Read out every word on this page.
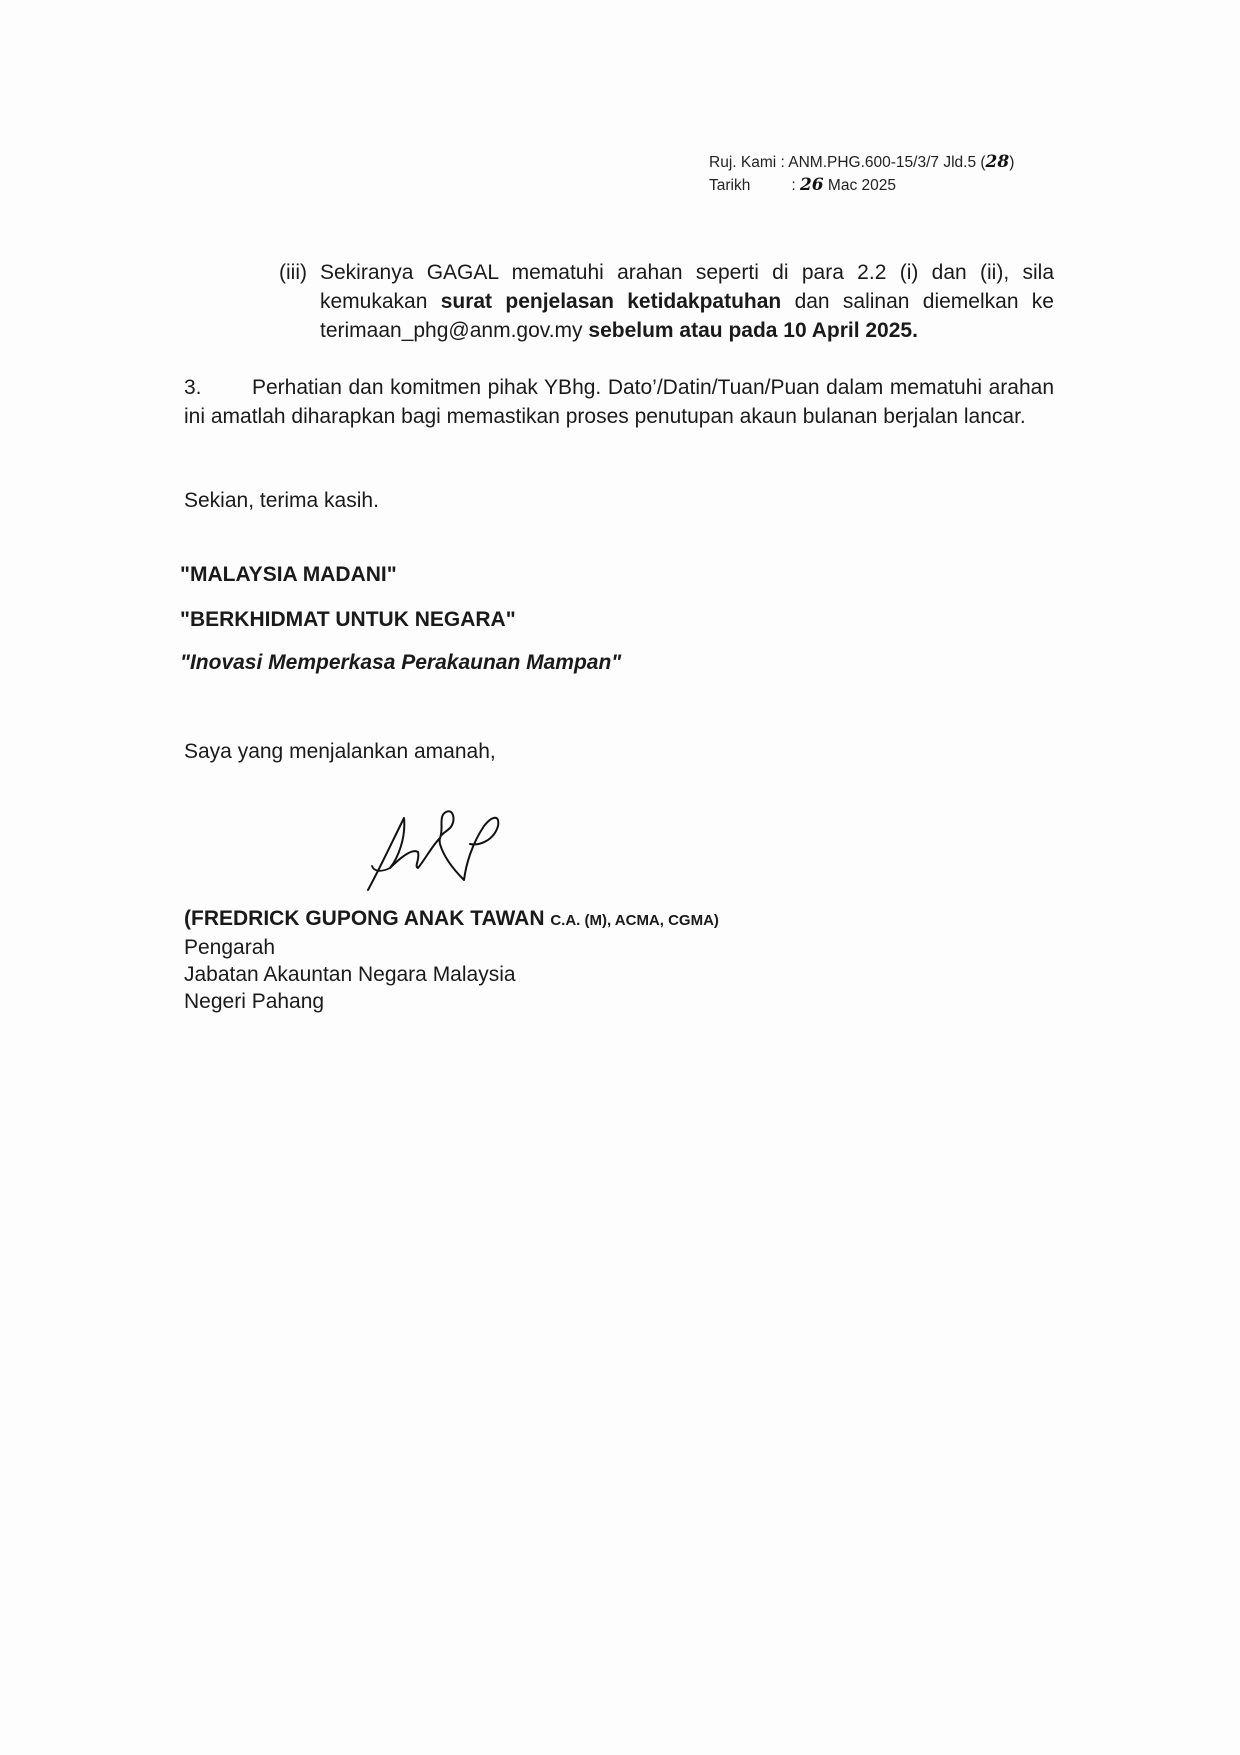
Ruj. Kami : ANM.PHG.600-15/3/7 Jld.5 (28)
Tarikh	: 26 Mac 2025
(iii) Sekiranya GAGAL mematuhi arahan seperti di para 2.2 (i) dan (ii), sila kemukakan surat penjelasan ketidakpatuhan dan salinan diemelkan ke terimaan_phg@anm.gov.my sebelum atau pada 10 April 2025.
3. Perhatian dan komitmen pihak YBhg. Dato’/Datin/Tuan/Puan dalam mematuhi arahan ini amatlah diharapkan bagi memastikan proses penutupan akaun bulanan berjalan lancar.
Sekian, terima kasih.
"MALAYSIA MADANI"
"BERKHIDMAT UNTUK NEGARA"
"Inovasi Memperkasa Perakaunan Mampan"
Saya yang menjalankan amanah,
(FREDRICK GUPONG ANAK TAWAN C.A. (M), ACMA, CGMA)
Pengarah
Jabatan Akauntan Negara Malaysia
Negeri Pahang
